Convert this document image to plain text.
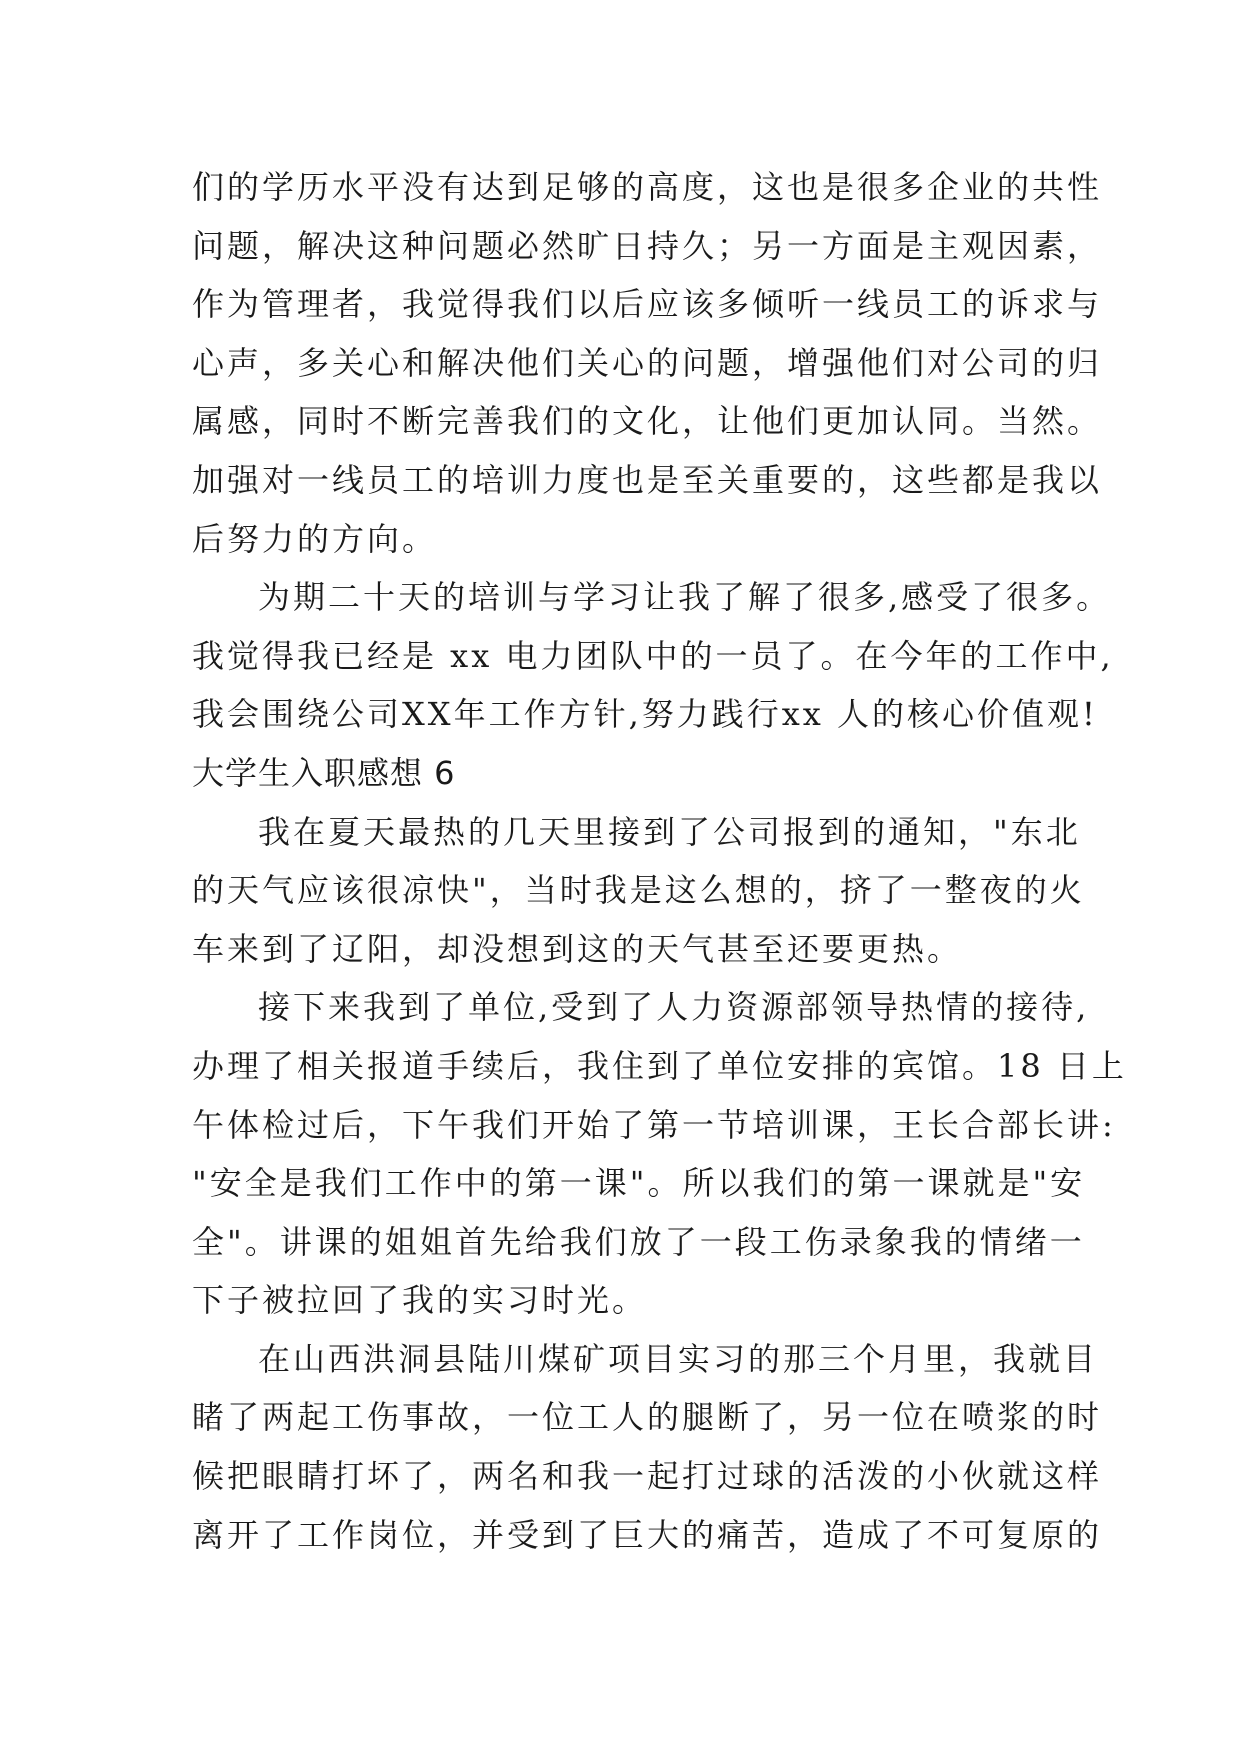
们的学历水平没有达到足够的高度，这也是很多企业的共性
问题，解决这种问题必然旷日持久；另一方面是主观因素，
作为管理者，我觉得我们以后应该多倾听一线员工的诉求与
心声，多关心和解决他们关心的问题，增强他们对公司的归
属感，同时不断完善我们的文化，让他们更加认同。当然。
加强对一线员工的培训力度也是至关重要的，这些都是我以
后努力的方向。
为期二十天的培训与学习让我了解了很多,感受了很多。
我觉得我已经是 xx 电力团队中的一员了。在今年的工作中,
我会围绕公司XX年工作方针,努力践行xx 人的核心价值观!
大学生入职感想 6
我在夏天最热的几天里接到了公司报到的通知，"东北
的天气应该很凉快"，当时我是这么想的，挤了一整夜的火
车来到了辽阳，却没想到这的天气甚至还要更热。
接下来我到了单位,受到了人力资源部领导热情的接待,
办理了相关报道手续后，我住到了单位安排的宾馆。18 日上
午体检过后，下午我们开始了第一节培训课，王长合部长讲:
"安全是我们工作中的第一课"。所以我们的第一课就是"安
全"。讲课的姐姐首先给我们放了一段工伤录象我的情绪一
下子被拉回了我的实习时光。
在山西洪洞县陆川煤矿项目实习的那三个月里，我就目
睹了两起工伤事故，一位工人的腿断了，另一位在喷浆的时
候把眼睛打坏了，两名和我一起打过球的活泼的小伙就这样
离开了工作岗位，并受到了巨大的痛苦，造成了不可复原的
